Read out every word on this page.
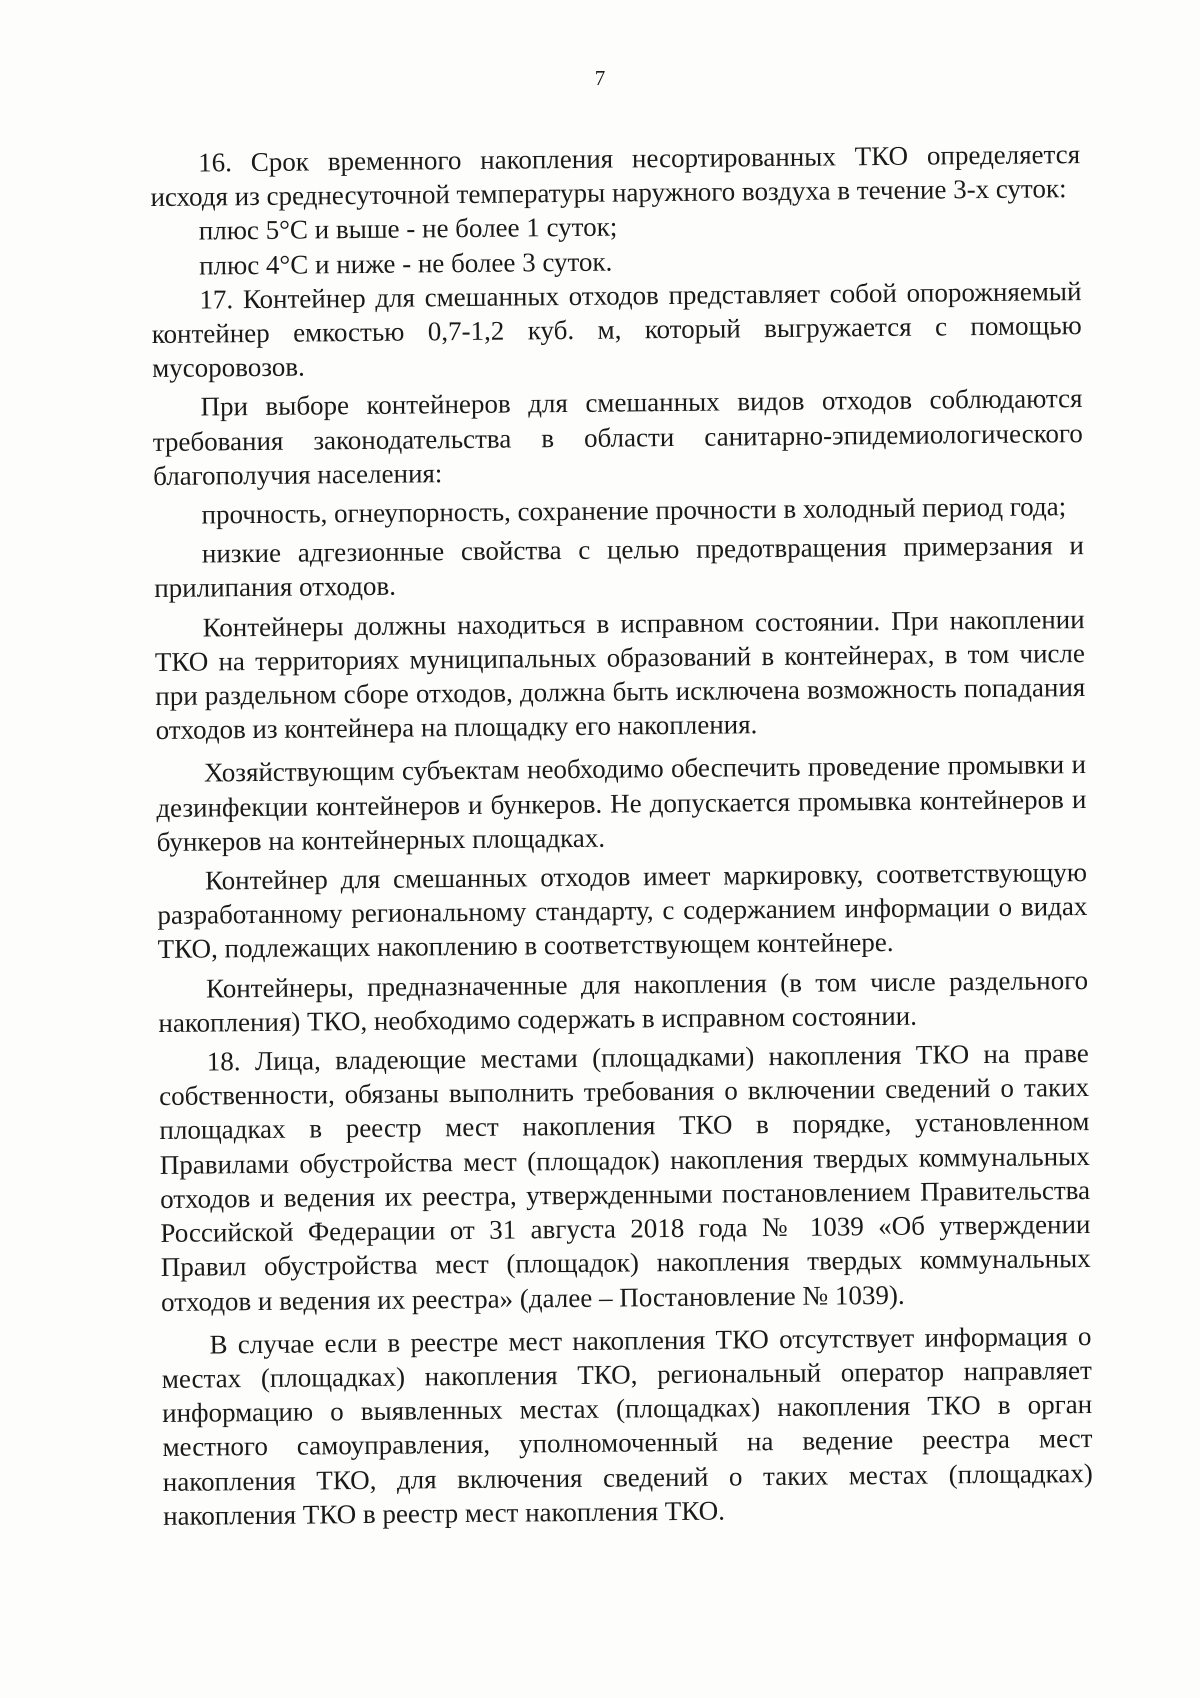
7

16. Срок временного накопления несортированных ТКО определяется исходя из среднесуточной температуры наружного воздуха в течение 3-х суток:

плюс 5°C и выше - не более 1 суток;

плюс 4°C и ниже - не более 3 суток.

17. Контейнер для смешанных отходов представляет собой опорожняемый контейнер емкостью 0,7-1,2 куб. м, который выгружается с помощью мусоровозов.

При выборе контейнеров для смешанных видов отходов соблюдаются требования законодательства в области санитарно-эпидемиологического благополучия населения:

прочность, огнеупорность, сохранение прочности в холодный период года;

низкие адгезионные свойства с целью предотвращения примерзания и прилипания отходов.

Контейнеры должны находиться в исправном состоянии. При накоплении ТКО на территориях муниципальных образований в контейнерах, в том числе при раздельном сборе отходов, должна быть исключена возможность попадания отходов из контейнера на площадку его накопления.

Хозяйствующим субъектам необходимо обеспечить проведение промывки и дезинфекции контейнеров и бункеров. Не допускается промывка контейнеров и бункеров на контейнерных площадках.

Контейнер для смешанных отходов имеет маркировку, соответствующую разработанному региональному стандарту, с содержанием информации о видах ТКО, подлежащих накоплению в соответствующем контейнере.

Контейнеры, предназначенные для накопления (в том числе раздельного накопления) ТКО, необходимо содержать в исправном состоянии.

18. Лица, владеющие местами (площадками) накопления ТКО на праве собственности, обязаны выполнить требования о включении сведений о таких площадках в реестр мест накопления ТКО в порядке, установленном Правилами обустройства мест (площадок) накопления твердых коммунальных отходов и ведения их реестра, утвержденными постановлением Правительства Российской Федерации от 31 августа 2018 года № 1039 «Об утверждении Правил обустройства мест (площадок) накопления твердых коммунальных отходов и ведения их реестра» (далее – Постановление № 1039).

В случае если в реестре мест накопления ТКО отсутствует информация о местах (площадках) накопления ТКО, региональный оператор направляет информацию о выявленных местах (площадках) накопления ТКО в орган местного самоуправления, уполномоченный на ведение реестра мест накопления ТКО, для включения сведений о таких местах (площадках) накопления ТКО в реестр мест накопления ТКО.
